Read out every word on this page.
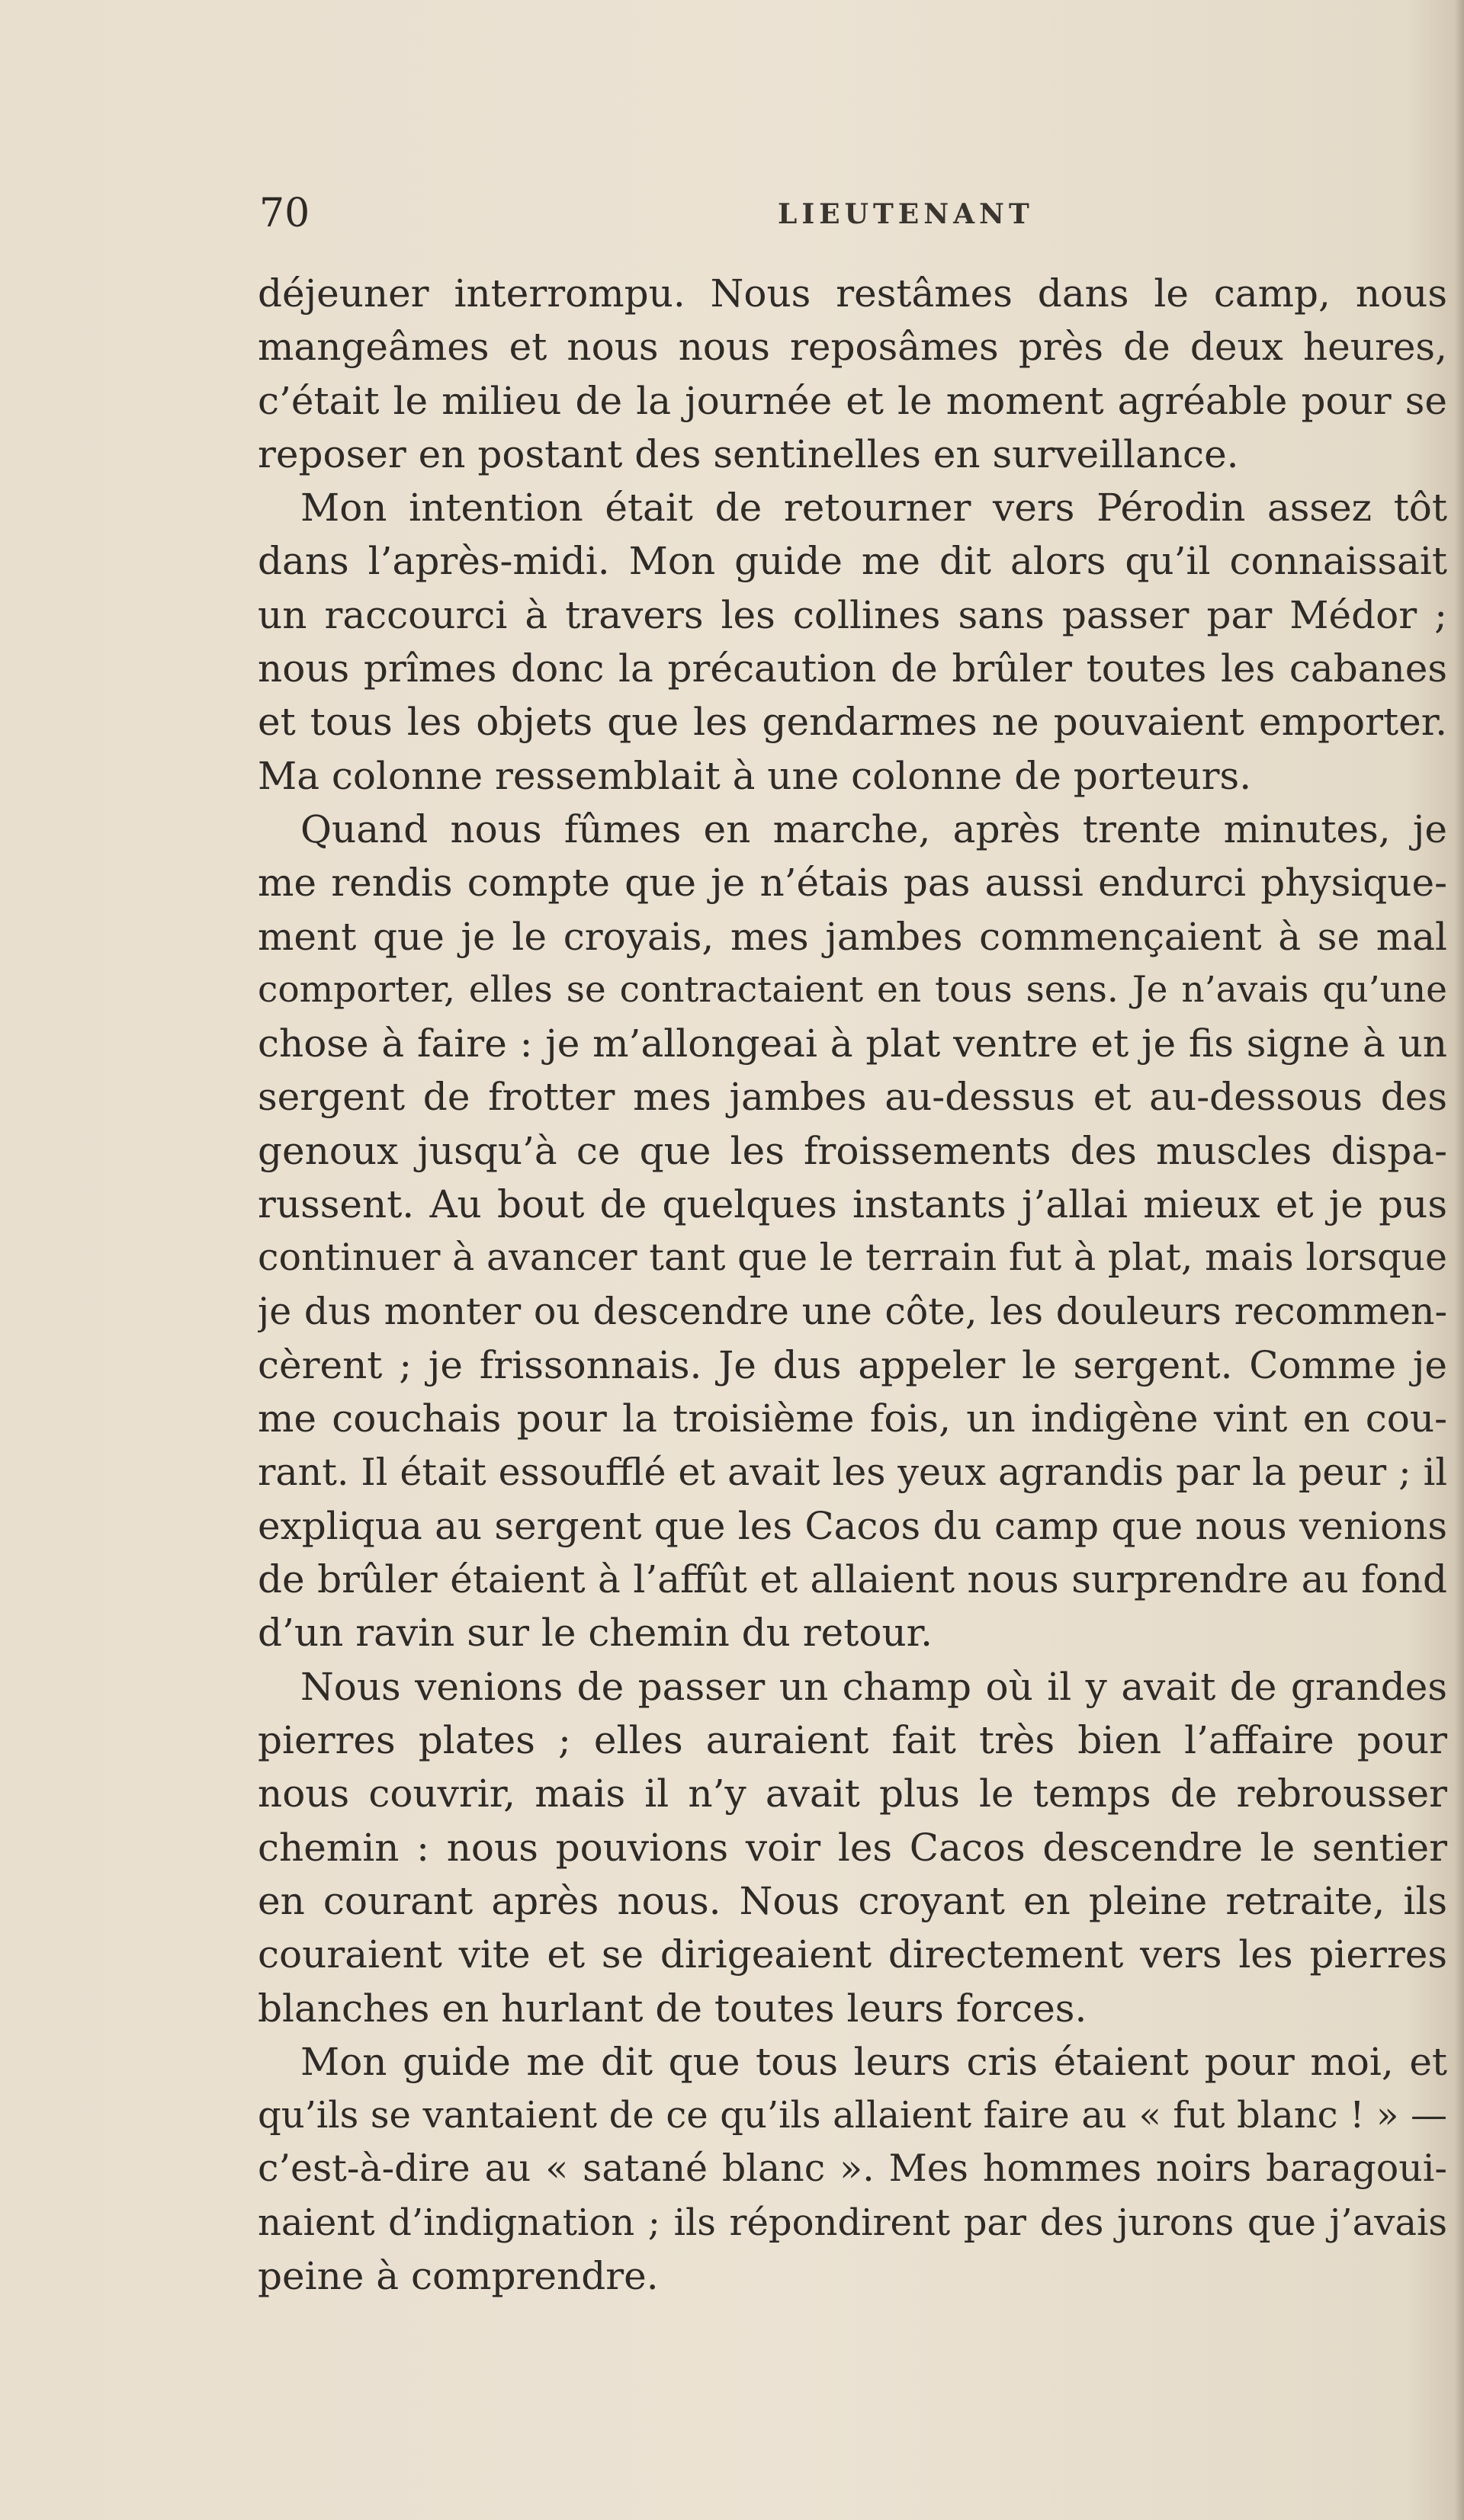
70	LIEUTENANT
déjeuner interrompu. Nous restâmes dans le camp, nous
mangeâmes et nous nous reposâmes près de deux heures,
c’était le milieu de la journée et le moment agréable pour se
reposer en postant des sentinelles en surveillance.
Mon intention était de retourner vers Pérodin assez tôt
dans l’après-midi. Mon guide me dit alors qu’il connaissait
un raccourci à travers les collines sans passer par Médor ;
nous prîmes donc la précaution de brûler toutes les cabanes
et tous les objets que les gendarmes ne pouvaient emporter.
Ma colonne ressemblait à une colonne de porteurs.
Quand nous fûmes en marche, après trente minutes, je
me rendis compte que je n’étais pas aussi endurci physique-
ment que je le croyais, mes jambes commençaient à se mal
comporter, elles se contractaient en tous sens. Je n’avais qu’une
chose à faire : je m’allongeai à plat ventre et je fis signe à un
sergent de frotter mes jambes au-dessus et au-dessous des
genoux jusqu’à ce que les froissements des muscles dispa-
russent. Au bout de quelques instants j’allai mieux et je pus
continuer à avancer tant que le terrain fut à plat, mais lorsque
je dus monter ou descendre une côte, les douleurs recommen-
cèrent ; je frissonnais. Je dus appeler le sergent. Comme je
me couchais pour la troisième fois, un indigène vint en cou-
rant. Il était essoufflé et avait les yeux agrandis par la peur ; il
expliqua au sergent que les Cacos du camp que nous venions
de brûler étaient à l’affût et allaient nous surprendre au fond
d’un ravin sur le chemin du retour.
Nous venions de passer un champ où il y avait de grandes
pierres plates ; elles auraient fait très bien l’affaire pour
nous couvrir, mais il n’y avait plus le temps de rebrousser
chemin : nous pouvions voir les Cacos descendre le sentier
en courant après nous. Nous croyant en pleine retraite, ils
couraient vite et se dirigeaient directement vers les pierres
blanches en hurlant de toutes leurs forces.
Mon guide me dit que tous leurs cris étaient pour moi, et
qu’ils se vantaient de ce qu’ils allaient faire au « fut blanc ! » —
c’est-à-dire au « satané blanc ». Mes hommes noirs baragoui-
naient d’indignation ; ils répondirent par des jurons que j’avais
peine à comprendre.
